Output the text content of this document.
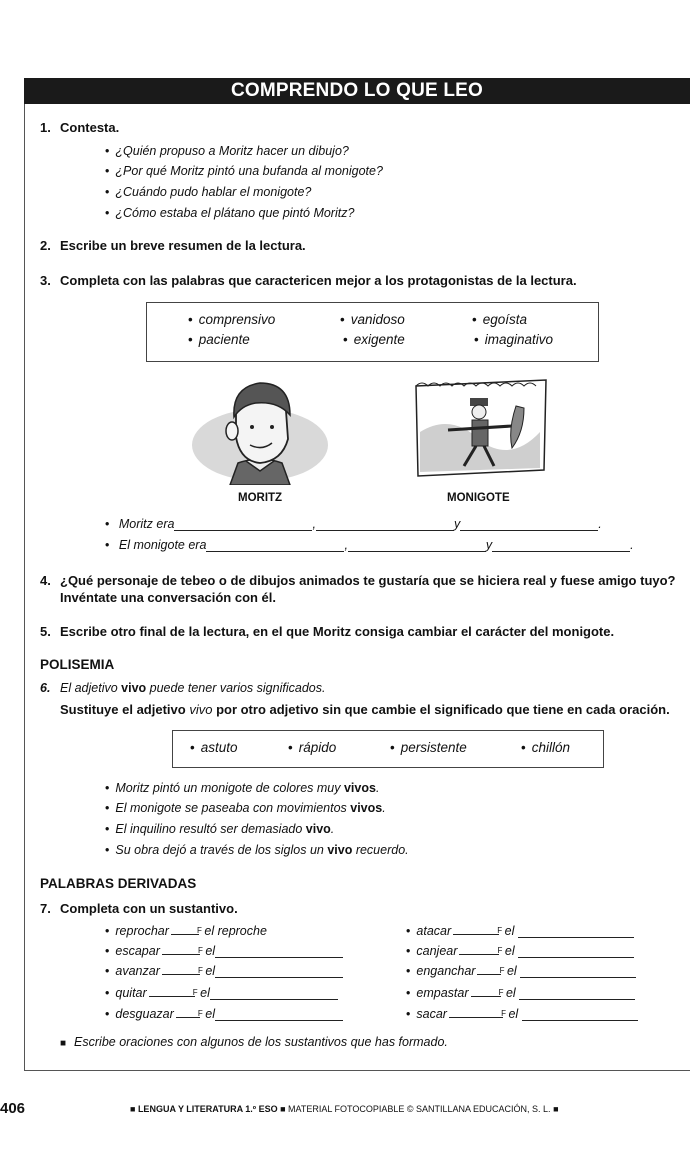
COMPRENDO LO QUE LEO
1. Contesta.
• ¿Quién propuso a Moritz hacer un dibujo?
• ¿Por qué Moritz pintó una bufanda al monigote?
• ¿Cuándo pudo hablar el monigote?
• ¿Cómo estaba el plátano que pintó Moritz?
2. Escribe un breve resumen de la lectura.
3. Completa con las palabras que caractericen mejor a los protagonistas de la lectura.
• comprensivo	• vanidoso	• egoísta
• paciente	• exigente	• imaginativo
MORITZ	MONIGOTE
• Moritz era	,	y	.
• El monigote era	,	y	.
4. ¿Qué personaje de tebeo o de dibujos animados te gustaría que se hiciera real y fuese amigo tuyo?
Invéntate una conversación con él.
5. Escribe otro final de la lectura, en el que Moritz consiga cambiar el carácter del monigote.
POLISEMIA
6. El adjetivo vivo puede tener varios significados.
Sustituye el adjetivo vivo por otro adjetivo sin que cambie el significado que tiene en cada oración.
• astuto	• rápido	• persistente	• chillón
• Moritz pintó un monigote de colores muy vivos.
• El monigote se paseaba con movimientos vivos.
• El inquilino resultó ser demasiado vivo.
• Su obra dejó a través de los siglos un vivo recuerdo.
PALABRAS DERIVADAS
7. Completa con un sustantivo.
• reprochar F	el reproche
• escapar F	el
• avanzar F	el
• quitar F	el
• desguazar F	el
• atacar F	el
• canjear F	el
• enganchar F	el
• empastar F	el
• sacar F	el
■ Escribe oraciones con algunos de los sustantivos que has formado.
406	■ LENGUA Y LITERATURA 1.º ESO ■ MATERIAL FOTOCOPIABLE © SANTILLANA EDUCACIÓN, S. L. ■
